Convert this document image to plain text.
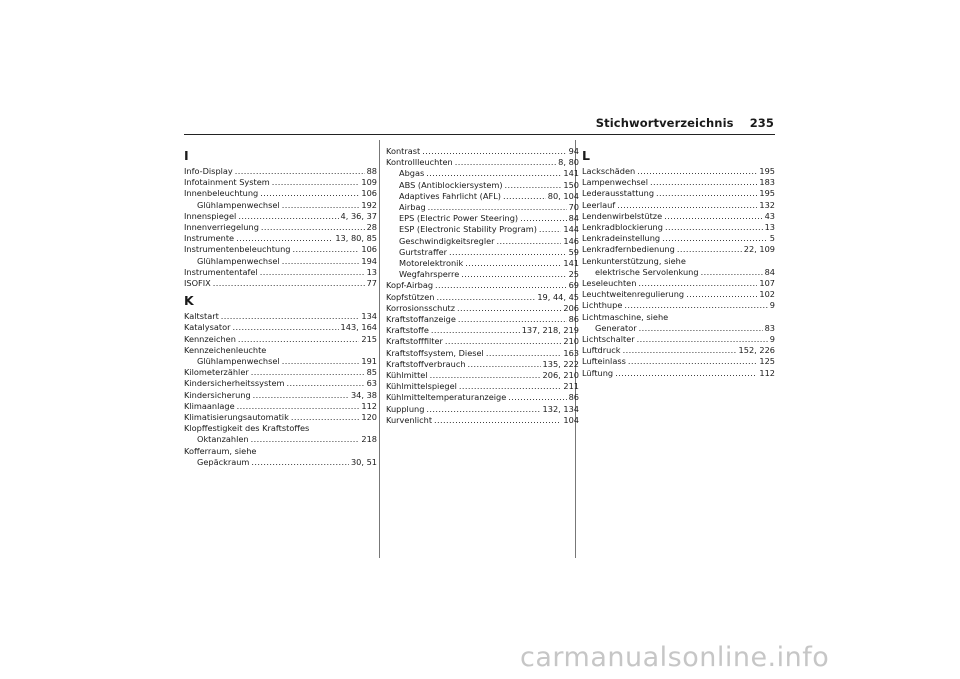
Stichwortverzeichnis 235
I
Info-Display .....	88
Infotainment System .....	109
Innenbeleuchtung .....	106
Glühlampenwechsel .....	192
Innenspiegel .....	4, 36, 37
Innenverriegelung .....	28
Instrumente .....	13, 80, 85
Instrumentenbeleuchtung .....	106
Glühlampenwechsel .....	194
Instrumententafel .....	13
ISOFIX .....	77
K
Kaltstart .....	134
Katalysator .....	143, 164
Kennzeichen .....	215
Kennzeichenleuchte
Glühlampenwechsel .....	191
Kilometerzähler .....	85
Kindersicherheitssystem .....	63
Kindersicherung .....	34, 38
Klimaanlage .....	112
Klimatisierungsautomatik .....	120
Klopffestigkeit des Kraftstoffes
Oktanzahlen .....	218
Kofferraum, siehe
Gepäckraum .....	30, 51
Kontrast .....	94
Kontrollleuchten .....	8, 80
Abgas .....	141
ABS (Antiblockiersystem) .....	150
Adaptives Fahrlicht (AFL) .....	80, 104
Airbag .....	70
EPS (Electric Power Steering) .....	84
ESP (Electronic Stability Program) .....	144
Geschwindigkeitsregler .....	146
Gurtstraffer .....	59
Motorelektronik .....	141
Wegfahrsperre .....	25
Kopf-Airbag .....	69
Kopfstützen .....	19, 44, 45
Korrosionsschutz .....	206
Kraftstoffanzeige .....	86
Kraftstoffe .....	137, 218, 219
Kraftstofffilter .....	210
Kraftstoffsystem, Diesel .....	163
Kraftstoffverbrauch .....	135, 222
Kühlmittel .....	206, 210
Kühlmittelspiegel .....	211
Kühlmitteltemperaturanzeige .....	86
Kupplung .....	132, 134
Kurvenlicht .....	104
L
Lackschäden .....	195
Lampenwechsel .....	183
Lederausstattung .....	195
Leerlauf .....	132
Lendenwirbelstütze .....	43
Lenkradblockierung .....	13
Lenkradeinstellung .....	5
Lenkradfernbedienung .....	22, 109
Lenkunterstützung, siehe
elektrische Servolenkung .....	84
Leseleuchten .....	107
Leuchtweitenregulierung .....	102
Lichthupe .....	9
Lichtmaschine, siehe
Generator .....	83
Lichtschalter .....	9
Luftdruck .....	152, 226
Lufteinlass .....	125
Lüftung .....	112
carmanualsonline.info
